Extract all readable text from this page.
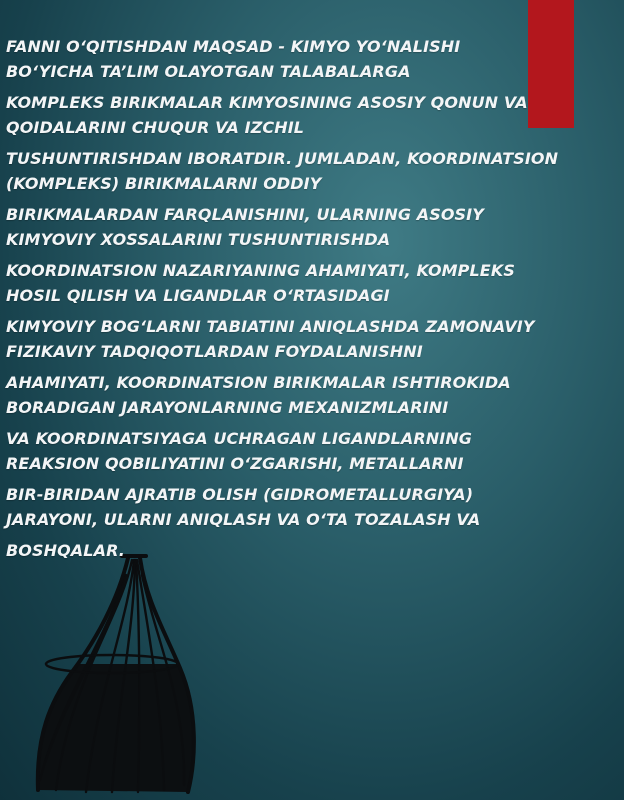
FANNI O‘QITISHDAN MAQSAD - KIMYO YO‘NALISHI
BO‘YICHA TA’LIM OLAYOTGAN TALABALARGA

KOMPLEKS BIRIKMALAR KIMYOSINING ASOSIY QONUN VA
QOIDALARINI CHUQUR VA IZCHIL

TUSHUNTIRISHDAN IBORATDIR. JUMLADAN, KOORDINATSION
(KOMPLEKS) BIRIKMALARNI ODDIY

BIRIKMALARDAN FARQLANISHINI, ULARNING ASOSIY
KIMYOVIY XOSSALARINI TUSHUNTIRISHDA

KOORDINATSION NAZARIYANING AHAMIYATI, KOMPLEKS
HOSIL QILISH VA LIGANDLAR O‘RTASIDAGI

KIMYOVIY BOG‘LARNI TABIATINI ANIQLASHDA ZAMONAVIY
FIZIKAVIY TADQIQOTLARDAN FOYDALANISHNI

AHAMIYATI, KOORDINATSION BIRIKMALAR ISHTIROKIDA
BORADIGAN JARAYONLARNING MEXANIZMLARINI

VA KOORDINATSIYAGA UCHRAGAN LIGANDLARNING
REAKSION QOBILIYATINI O‘ZGARISHI, METALLARNI

BIR-BIRIDAN AJRATIB OLISH (GIDROMETALLURGIYA)
JARAYONI, ULARNI ANIQLASH VA O‘TA TOZALASH VA

BOSHQALAR.
